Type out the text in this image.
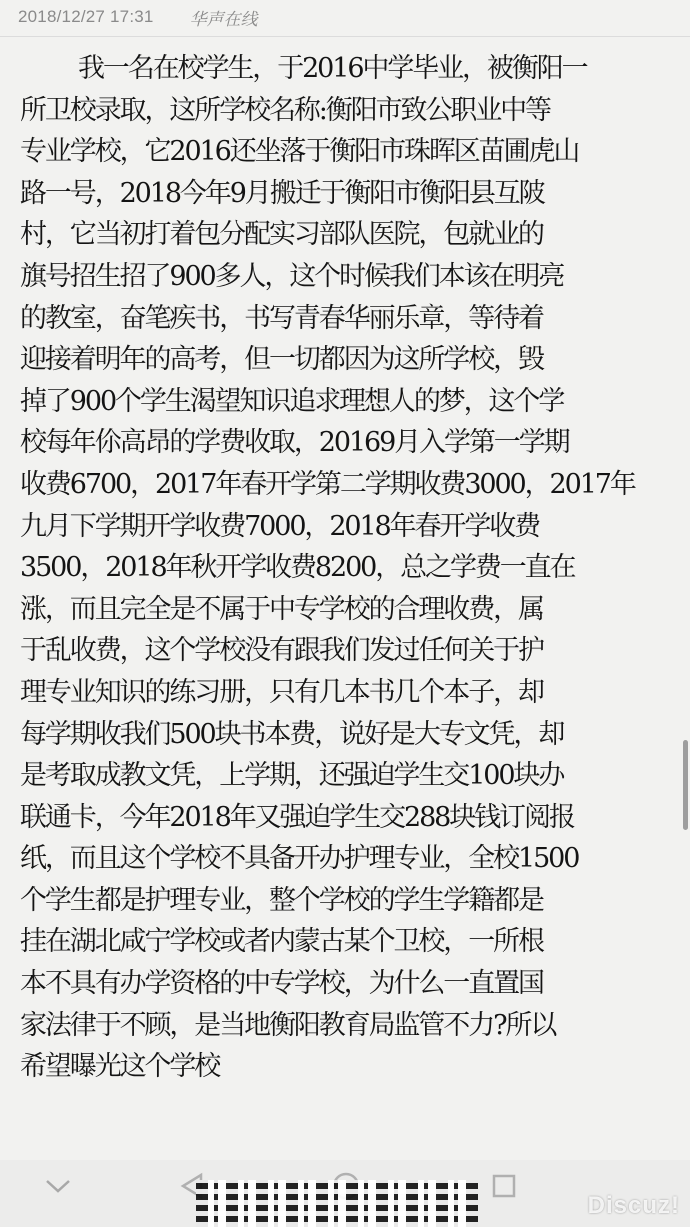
2018/12/27 17:31 华声在线
我一名在校学生，于2016中学毕业，被衡阳一
所卫校录取，这所学校名称:衡阳市致公职业中等
专业学校，它2016还坐落于衡阳市珠晖区苗圃虎山
路一号，2018今年9月搬迁于衡阳市衡阳县互陂
村，它当初打着包分配实习部队医院，包就业的
旗号招生招了900多人，这个时候我们本该在明亮
的教室，奋笔疾书，书写青春华丽乐章，等待着
迎接着明年的高考，但一切都因为这所学校，毁
掉了900个学生渴望知识追求理想人的梦，这个学
校每年伱高昂的学费收取，20169月入学第一学期
收费6700，2017年春开学第二学期收费3000，2017年
九月下学期开学收费7000，2018年春开学收费
3500，2018年秋开学收费8200，总之学费一直在
涨，而且完全是不属于中专学校的合理收费，属
于乱收费，这个学校没有跟我们发过任何关于护
理专业知识的练习册，只有几本书几个本子，却
每学期收我们500块书本费，说好是大专文凭，却
是考取成教文凭，上学期，还强迫学生交100块办
联通卡，今年2018年又强迫学生交288块钱订阅报
纸，而且这个学校不具备开办护理专业，全校1500
个学生都是护理专业，整个学校的学生学籍都是
挂在湖北咸宁学校或者内蒙古某个卫校，一所根
本不具有办学资格的中专学校，为什么一直置国
家法律于不顾，是当地衡阳教育局监管不力?所以
希望曝光这个学校
Discuz!
